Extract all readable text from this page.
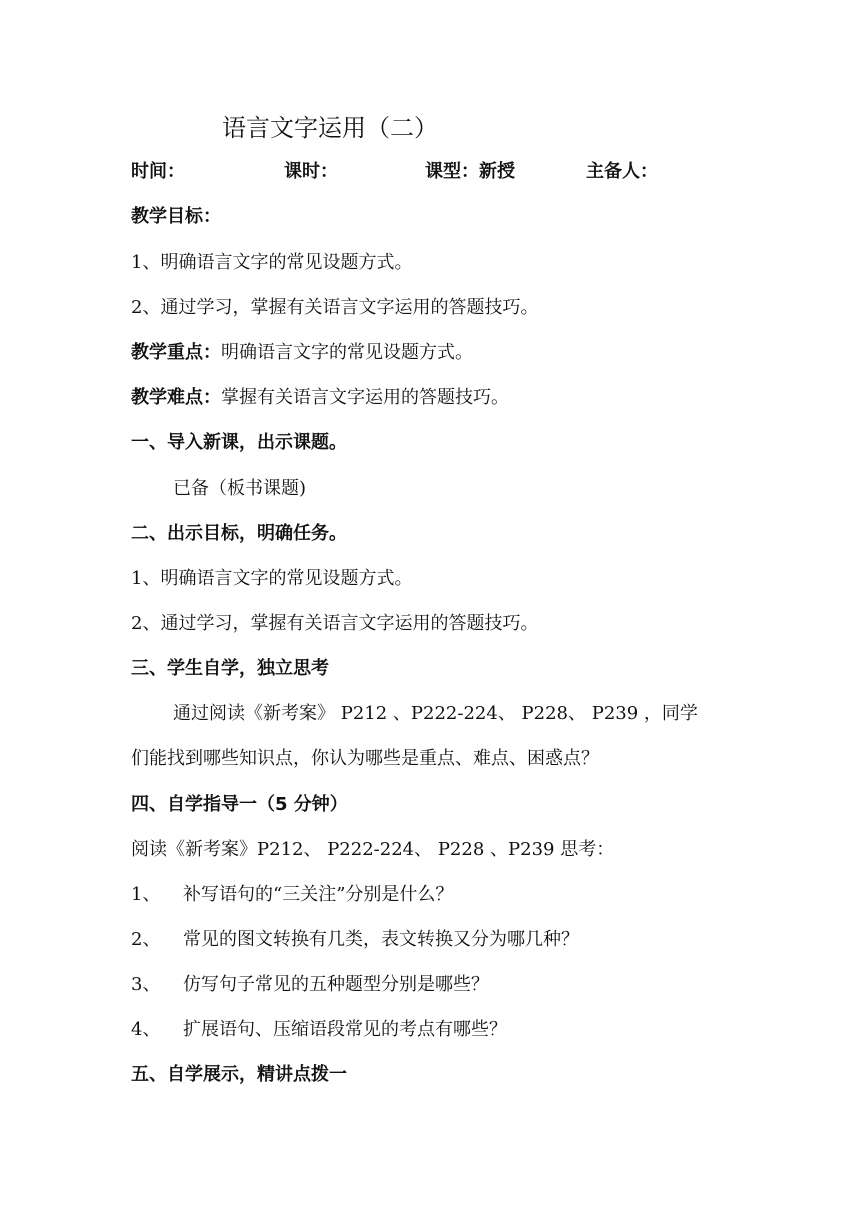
语言文字运用（二）
时间：	课时：	课型：新授	主备人：
教学目标：
1、明确语言文字的常见设题方式。
2、通过学习，掌握有关语言文字运用的答题技巧。
教学重点：明确语言文字的常见设题方式。
教学难点：掌握有关语言文字运用的答题技巧。
一、导入新课，出示课题。
已备（板书课题)
二、出示目标，明确任务。
1、明确语言文字的常见设题方式。
2、通过学习，掌握有关语言文字运用的答题技巧。
三、学生自学，独立思考
通过阅读《新考案》 P212 、P222-224、 P228、 P239 ，同学
们能找到哪些知识点，你认为哪些是重点、难点、困惑点？
四、自学指导一（5 分钟）
阅读《新考案》P212、 P222-224、 P228 、P239 思考：
1、 补写语句的“三关注”分别是什么？
2、 常见的图文转换有几类，表文转换又分为哪几种？
3、 仿写句子常见的五种题型分别是哪些？
4、 扩展语句、压缩语段常见的考点有哪些？
五、自学展示，精讲点拨一
